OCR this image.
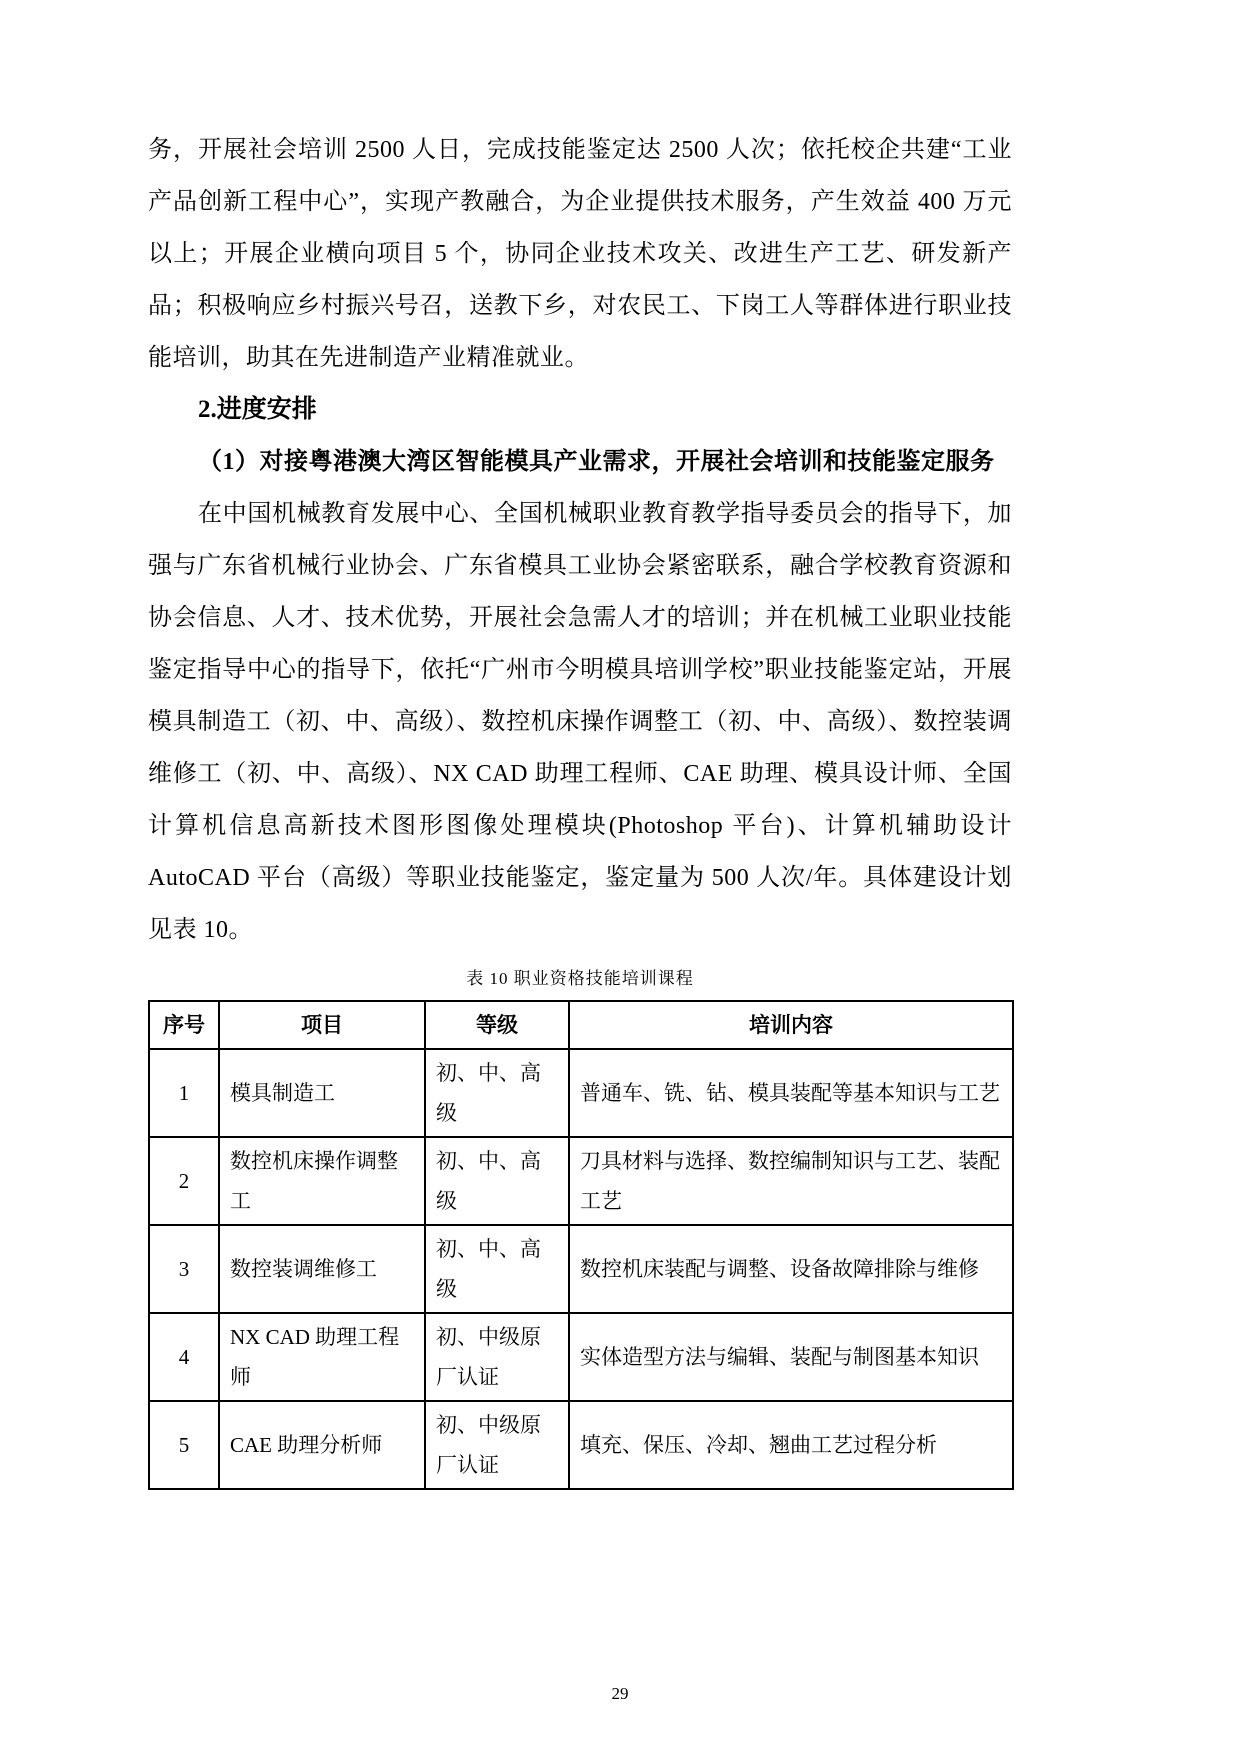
务，开展社会培训 2500 人日，完成技能鉴定达 2500 人次；依托校企共建“工业产品创新工程中心”，实现产教融合，为企业提供技术服务，产生效益 400 万元以上；开展企业横向项目 5 个，协同企业技术攻关、改进生产工艺、研发新产品；积极响应乡村振兴号召，送教下乡，对农民工、下岗工人等群体进行职业技能培训，助其在先进制造产业精准就业。

2.进度安排

（1）对接粤港澳大湾区智能模具产业需求，开展社会培训和技能鉴定服务

在中国机械教育发展中心、全国机械职业教育教学指导委员会的指导下，加强与广东省机械行业协会、广东省模具工业协会紧密联系，融合学校教育资源和协会信息、人才、技术优势，开展社会急需人才的培训；并在机械工业职业技能鉴定指导中心的指导下，依托“广州市今明模具培训学校”职业技能鉴定站，开展模具制造工（初、中、高级）、数控机床操作调整工（初、中、高级）、数控装调维修工（初、中、高级）、NX CAD 助理工程师、CAE 助理、模具设计师、全国计算机信息高新技术图形图像处理模块(Photoshop 平台)、计算机辅助设计 AutoCAD 平台（高级）等职业技能鉴定，鉴定量为 500 人次/年。具体建设计划见表 10。

表 10 职业资格技能培训课程
序号	项目	等级	培训内容
1	模具制造工	初、中、高级	普通车、铣、钻、模具装配等基本知识与工艺
2	数控机床操作调整工	初、中、高级	刀具材料与选择、数控编制知识与工艺、装配工艺
3	数控装调维修工	初、中、高级	数控机床装配与调整、设备故障排除与维修
4	NX CAD 助理工程师	初、中级原厂认证	实体造型方法与编辑、装配与制图基本知识
5	CAE 助理分析师	初、中级原厂认证	填充、保压、冷却、翘曲工艺过程分析
29
